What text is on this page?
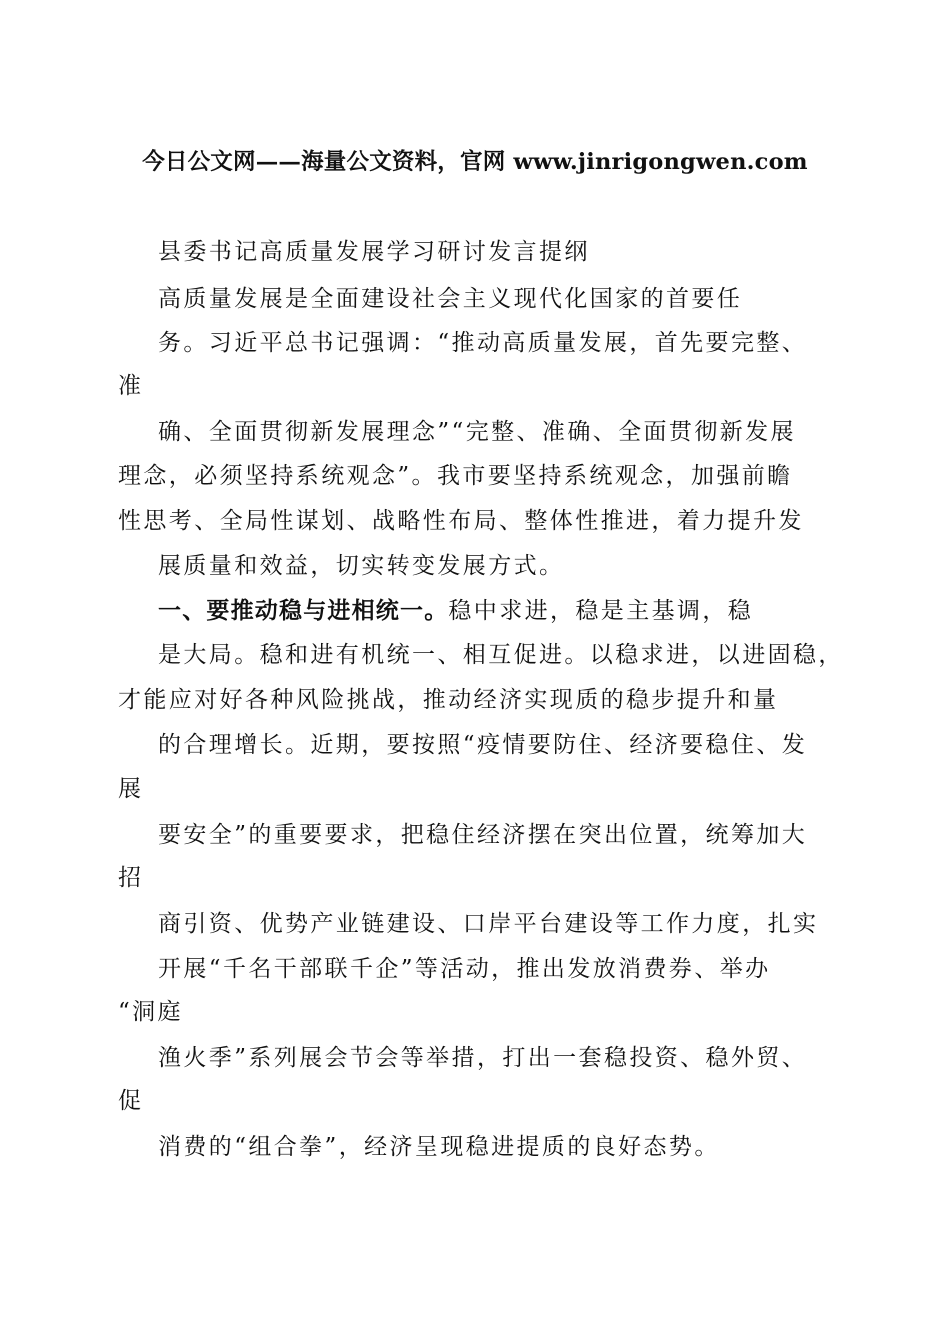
今日公文网——海量公文资料，官网 www.jinrigongwen.com
县委书记高质量发展学习研讨发言提纲
高质量发展是全面建设社会主义现代化国家的首要任
务。习近平总书记强调：“推动高质量发展，首先要完整、
准
确、全面贯彻新发展理念”“完整、准确、全面贯彻新发展
理念，必须坚持系统观念”。我市要坚持系统观念，加强前瞻
性思考、全局性谋划、战略性布局、整体性推进，着力提升发
展质量和效益，切实转变发展方式。
一、要推动稳与进相统一。稳中求进，稳是主基调，稳
是大局。稳和进有机统一、相互促进。以稳求进，以进固稳，
才能应对好各种风险挑战，推动经济实现质的稳步提升和量
的合理增长。近期，要按照“疫情要防住、经济要稳住、发
展
要安全”的重要要求，把稳住经济摆在突出位置，统筹加大
招
商引资、优势产业链建设、口岸平台建设等工作力度，扎实
开展“千名干部联千企”等活动，推出发放消费券、举办
“洞庭
渔火季”系列展会节会等举措，打出一套稳投资、稳外贸、
促
消费的“组合拳”，经济呈现稳进提质的良好态势。
